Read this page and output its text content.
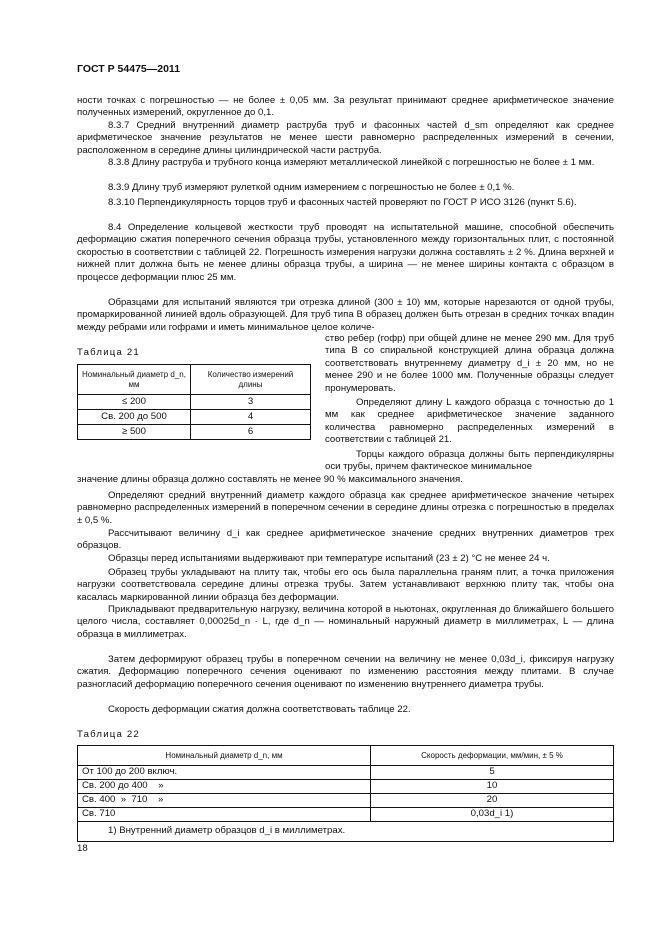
ГОСТ Р 54475—2011
ности точках с погрешностью — не более ± 0,05 мм. За результат принимают среднее арифметическое значение полученных измерений, округленное до 0,1.
8.3.7 Средний внутренний диаметр раструба труб и фасонных частей d_sm определяют как среднее арифметическое значение результатов не менее шести равномерно распределенных измерений в сечении, расположенном в середине длины цилиндрической части раструба.
8.3.8 Длину раструба и трубного конца измеряют металлической линейкой с погрешностью не более ± 1 мм.
8.3.9 Длину труб измеряют рулеткой одним измерением с погрешностью не более ± 0,1 %.
8.3.10 Перпендикулярность торцов труб и фасонных частей проверяют по ГОСТ Р ИСО 3126 (пункт 5.6).
8.4 Определение кольцевой жесткости труб проводят на испытательной машине, способной обеспечить деформацию сжатия поперечного сечения образца трубы, установленного между горизонтальных плит, с постоянной скоростью в соответствии с таблицей 22. Погрешность измерения нагрузки должна составлять ± 2 %. Длина верхней и нижней плит должна быть не менее длины образца трубы, а ширина — не менее ширины контакта с образцом в процессе деформации плюс 25 мм.
Образцами для испытаний являются три отрезка длиной (300 ± 10) мм, которые нарезаются от одной трубы, промаркированной линией вдоль образующей. Для труб типа В образец должен быть отрезан в средних точках впадин между ребрами или гофрами и иметь минимальное целое количе-
ство ребер (гофр) при общей длине не менее 290 мм. Для труб типа В со спиральной конструкцией длина образца должна соответствовать внутреннему диаметру d_i ± 20 мм, но не менее 290 и не более 1000 мм. Полученные образцы следует пронумеровать.
Определяют длину L каждого образца с точностью до 1 мм как среднее арифметическое значение заданного количества равномерно распределенных измерений в соответствии с таблицей 21.
Торцы каждого образца должны быть перпендикулярны оси трубы, причем фактическое минимальное
Таблица 21
Номинальный диаметр d_n, мм	Количество измерений длины
≤ 200	3
Св. 200 до 500	4
≥ 500	6
значение длины образца должно составлять не менее 90 % максимального значения.
Определяют средний внутренний диаметр каждого образца как среднее арифметическое значение четырех равномерно распределенных измерений в поперечном сечении в середине длины отрезка с погрешностью в пределах ± 0,5 %.
Рассчитывают величину d_i как среднее арифметическое значение средних внутренних диаметров трех образцов.
Образцы перед испытаниями выдерживают при температуре испытаний (23 ± 2) °С не менее 24 ч.
Образец трубы укладывают на плиту так, чтобы его ось была параллельна граням плит, а точка приложения нагрузки соответствовала середине длины отрезка трубы. Затем устанавливают верхнюю плиту так, чтобы она касалась маркированной линии образца без деформации.
Прикладывают предварительную нагрузку, величина которой в ньютонах, округленная до ближайшего большего целого числа, составляет 0,00025d_n · L, где d_n — номинальный наружный диаметр в миллиметрах, L — длина образца в миллиметрах.
Затем деформируют образец трубы в поперечном сечении на величину не менее 0,03d_i, фиксируя нагрузку сжатия. Деформацию поперечного сечения оценивают по изменению расстояния между плитами. В случае разногласий деформацию поперечного сечения оценивают по изменению внутреннего диаметра трубы.
Скорость деформации сжатия должна соответствовать таблице 22.
Таблица 22
Номинальный диаметр d_n, мм	Скорость деформации, мм/мин, ± 5 %
От 100 до 200 включ.	5
Св. 200 до 400    »	10
Св. 400  »  710    »	20
Св. 710	0,03d_i 1)
1) Внутренний диаметр образцов d_i в миллиметрах.	
18
